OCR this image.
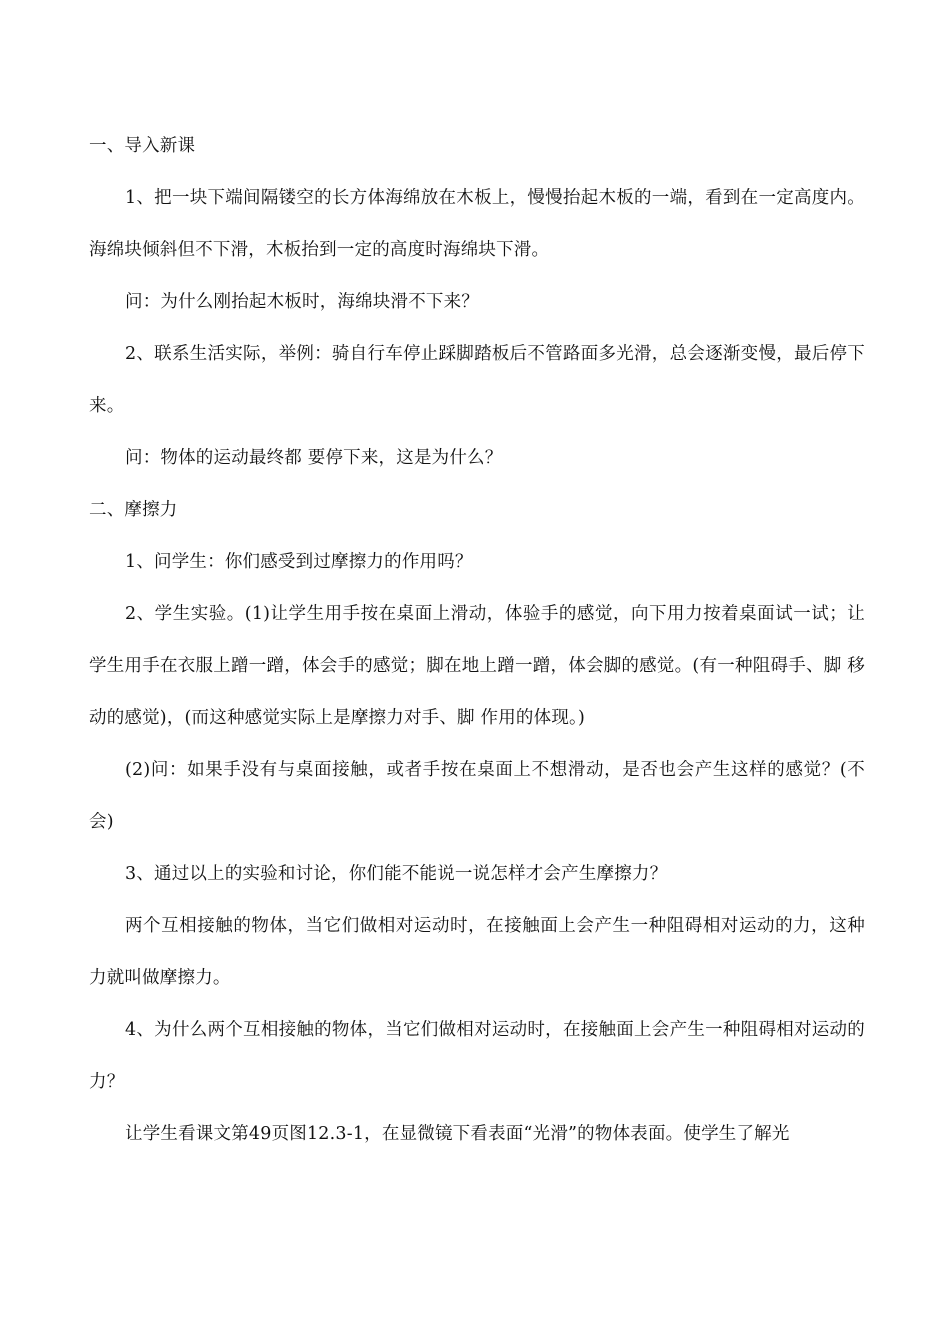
一、导入新课

1、把一块下端间隔镂空的长方体海绵放在木板上，慢慢抬起木板的一端，看到在一定高度内。海绵块倾斜但不下滑，木板抬到一定的高度时海绵块下滑。

问：为什么刚抬起木板时，海绵块滑不下来？

2、联系生活实际，举例：骑自行车停止踩脚踏板后不管路面多光滑，总会逐渐变慢，最后停下来。

问：物体的运动最终都 要停下来，这是为什么？

二、摩擦力

1、问学生：你们感受到过摩擦力的作用吗？

2、学生实验。(1)让学生用手按在桌面上滑动，体验手的感觉，向下用力按着桌面试一试；让学生用手在衣服上蹭一蹭，体会手的感觉；脚在地上蹭一蹭，体会脚的感觉。(有一种阻碍手、脚 移动的感觉)，(而这种感觉实际上是摩擦力对手、脚 作用的体现。)

(2)问：如果手没有与桌面接触，或者手按在桌面上不想滑动，是否也会产生这样的感觉？(不会)

3、通过以上的实验和讨论，你们能不能说一说怎样才会产生摩擦力？

两个互相接触的物体，当它们做相对运动时，在接触面上会产生一种阻碍相对运动的力，这种力就叫做摩擦力。

4、为什么两个互相接触的物体，当它们做相对运动时，在接触面上会产生一种阻碍相对运动的力？

让学生看课文第49页图12.3-1，在显微镜下看表面“光滑”的物体表面。使学生了解光
